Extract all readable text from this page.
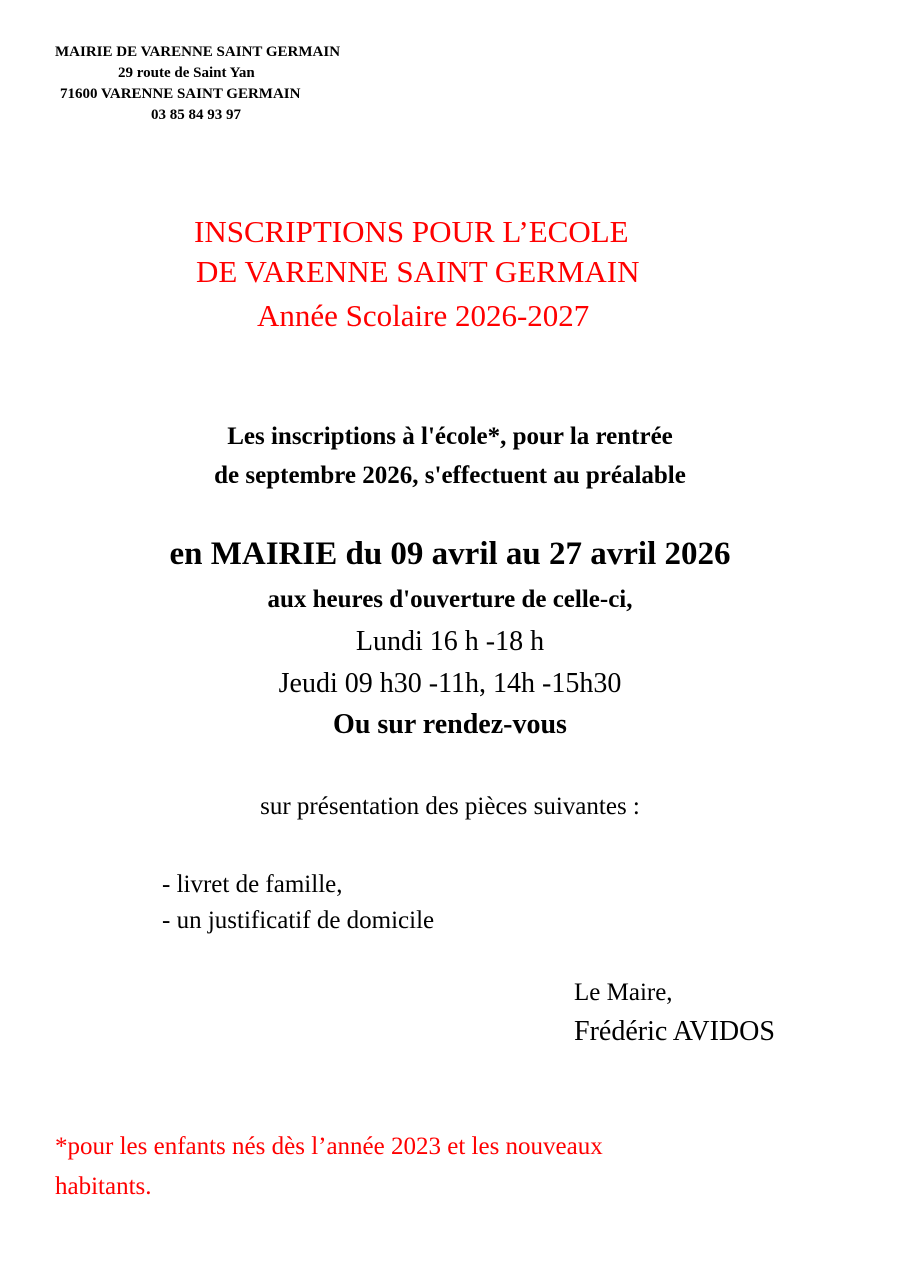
MAIRIE DE VARENNE SAINT GERMAIN
29 route de Saint Yan
71600 VARENNE SAINT GERMAIN
03 85 84 93 97
INSCRIPTIONS POUR L’ECOLE
DE VARENNE SAINT GERMAIN
Année Scolaire 2026-2027
Les inscriptions à l'école*, pour la rentrée
de septembre 2026, s'effectuent au préalable
en MAIRIE du 09 avril au 27 avril 2026
aux heures d'ouverture de celle-ci,
Lundi 16 h -18 h
Jeudi 09 h30 -11h, 14h -15h30
Ou sur rendez-vous
sur présentation des pièces suivantes :
- livret de famille,
- un justificatif de domicile
Le Maire,
Frédéric AVIDOS
*pour les enfants nés dès l’année 2023 et les nouveaux
habitants.
